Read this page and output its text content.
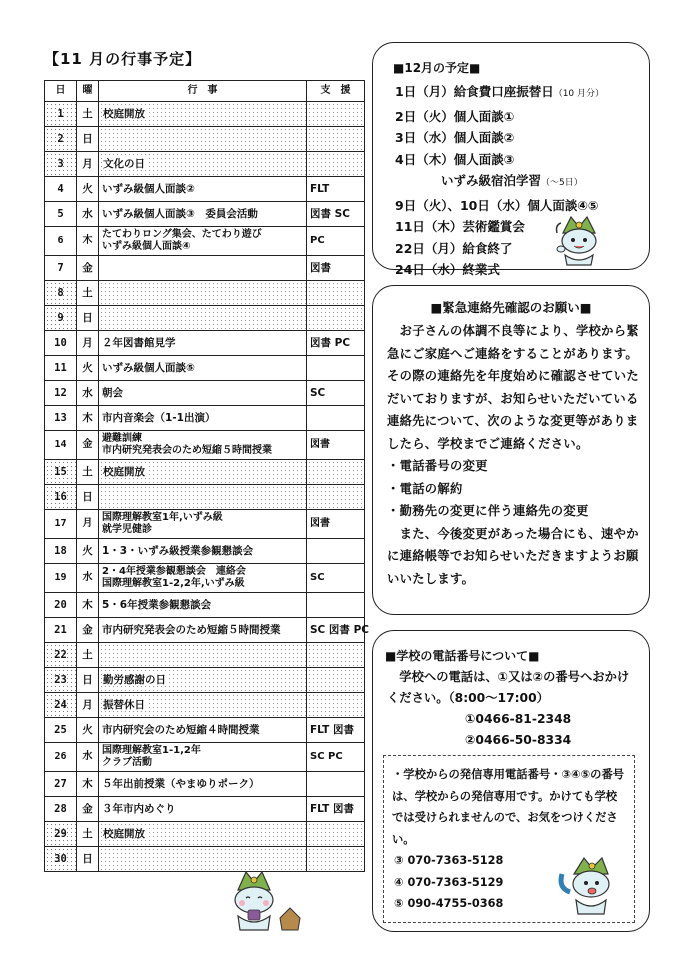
【11 月の行事予定】
日	曜	行　事	支　援
1	土	校庭開放	
2	日		
3	月	文化の日	
4	火	いずみ級個人面談②	FLT
5	水	いずみ級個人面談③　委員会活動	図書 SC
6	木	たてわりロング集会、たてわり遊び
いずみ級個人面談④	PC
7	金		図書
8	土		
9	日		
10	月	２年図書館見学	図書 PC
11	火	いずみ級個人面談⑤	
12	水	朝会	SC
13	木	市内音楽会（1-1出演）	
14	金	避難訓練
市内研究発表会のため短縮５時間授業	図書
15	土	校庭開放	
16	日		
17	月	国際理解教室1年,いずみ級
就学児健診	図書
18	火	1・3・いずみ級授業参観懇談会	
19	水	2・4年授業参観懇談会　連絡会
国際理解教室1-2,2年,いずみ級	SC
20	木	5・6年授業参観懇談会	
21	金	市内研究発表会のため短縮５時間授業	SC 図書 PC
22	土		
23	日	勤労感謝の日	
24	月	振替休日	
25	火	市内研究会のため短縮４時間授業	FLT 図書
26	水	国際理解教室1-1,2年
クラブ活動	SC PC
27	木	５年出前授業（やまゆりポーク）	
28	金	３年市内めぐり	FLT 図書
29	土	校庭開放	
30	日		
■12月の予定■
1日（月）給食費口座振替日（10 月分）
2日（火）個人面談①
3日（水）個人面談②
4日（木）個人面談③
いずみ級宿泊学習（～5日）
9日（火）、10日（水）個人面談④⑤
11日（木）芸術鑑賞会
22日（月）給食終了
24日（水）終業式
■緊急連絡先確認のお願い■

　お子さんの体調不良等により、学校から緊急にご家庭へご連絡をすることがあります。その際の連絡先を年度始めに確認させていただいておりますが、お知らせいただいている連絡先について、次のような変更等がありましたら、学校までご連絡ください。

・電話番号の変更

・電話の解約

・勤務先の変更に伴う連絡先の変更

　また、今後変更があった場合にも、速やかに連絡帳等でお知らせいただきますようお願いいたします。

■学校の電話番号について■
　学校への電話は、①又は②の番号へおかけください。（8:00～17:00）
①0466-81-2348
②0466-50-8334
・学校からの発信専用電話番号・③④⑤の番号は、学校からの発信専用です。かけても学校では受けられませんので、お気をつけください。
③ 070-7363-5128
④ 070-7363-5129
⑤ 090-4755-0368
